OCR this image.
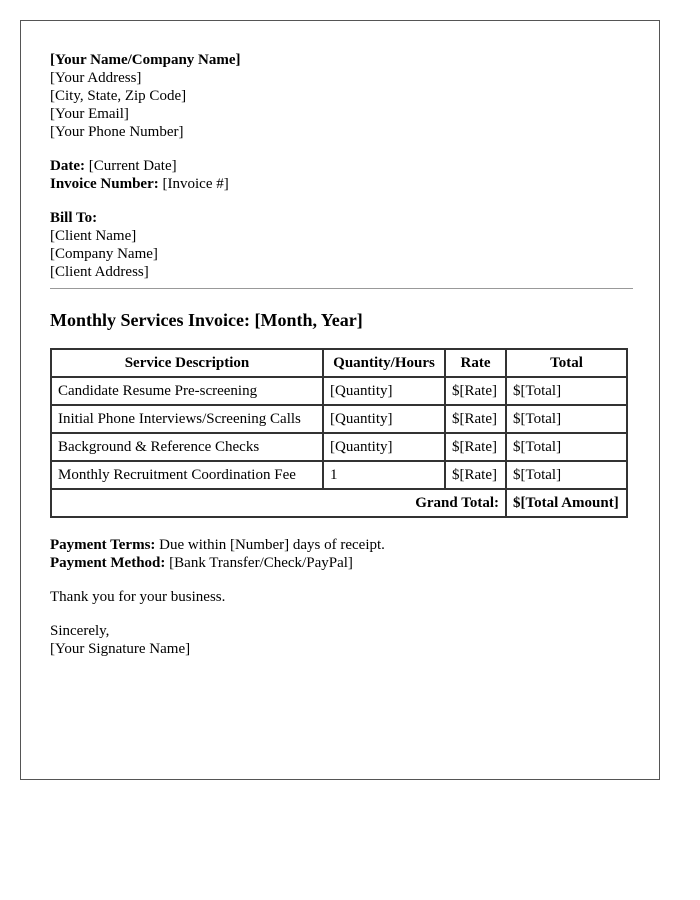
[Your Name/Company Name]
[Your Address]
[City, State, Zip Code]
[Your Email]
[Your Phone Number]
Date: [Current Date]
Invoice Number: [Invoice #]
Bill To:
[Client Name]
[Company Name]
[Client Address]
Monthly Services Invoice: [Month, Year]
Service Description	Quantity/Hours	Rate	Total
Candidate Resume Pre-screening	[Quantity]	$[Rate]	$[Total]
Initial Phone Interviews/Screening Calls	[Quantity]	$[Rate]	$[Total]
Background & Reference Checks	[Quantity]	$[Rate]	$[Total]
Monthly Recruitment Coordination Fee	1	$[Rate]	$[Total]
Grand Total:			$[Total Amount]
Payment Terms: Due within [Number] days of receipt.
Payment Method: [Bank Transfer/Check/PayPal]
Thank you for your business.
Sincerely,
[Your Signature Name]
